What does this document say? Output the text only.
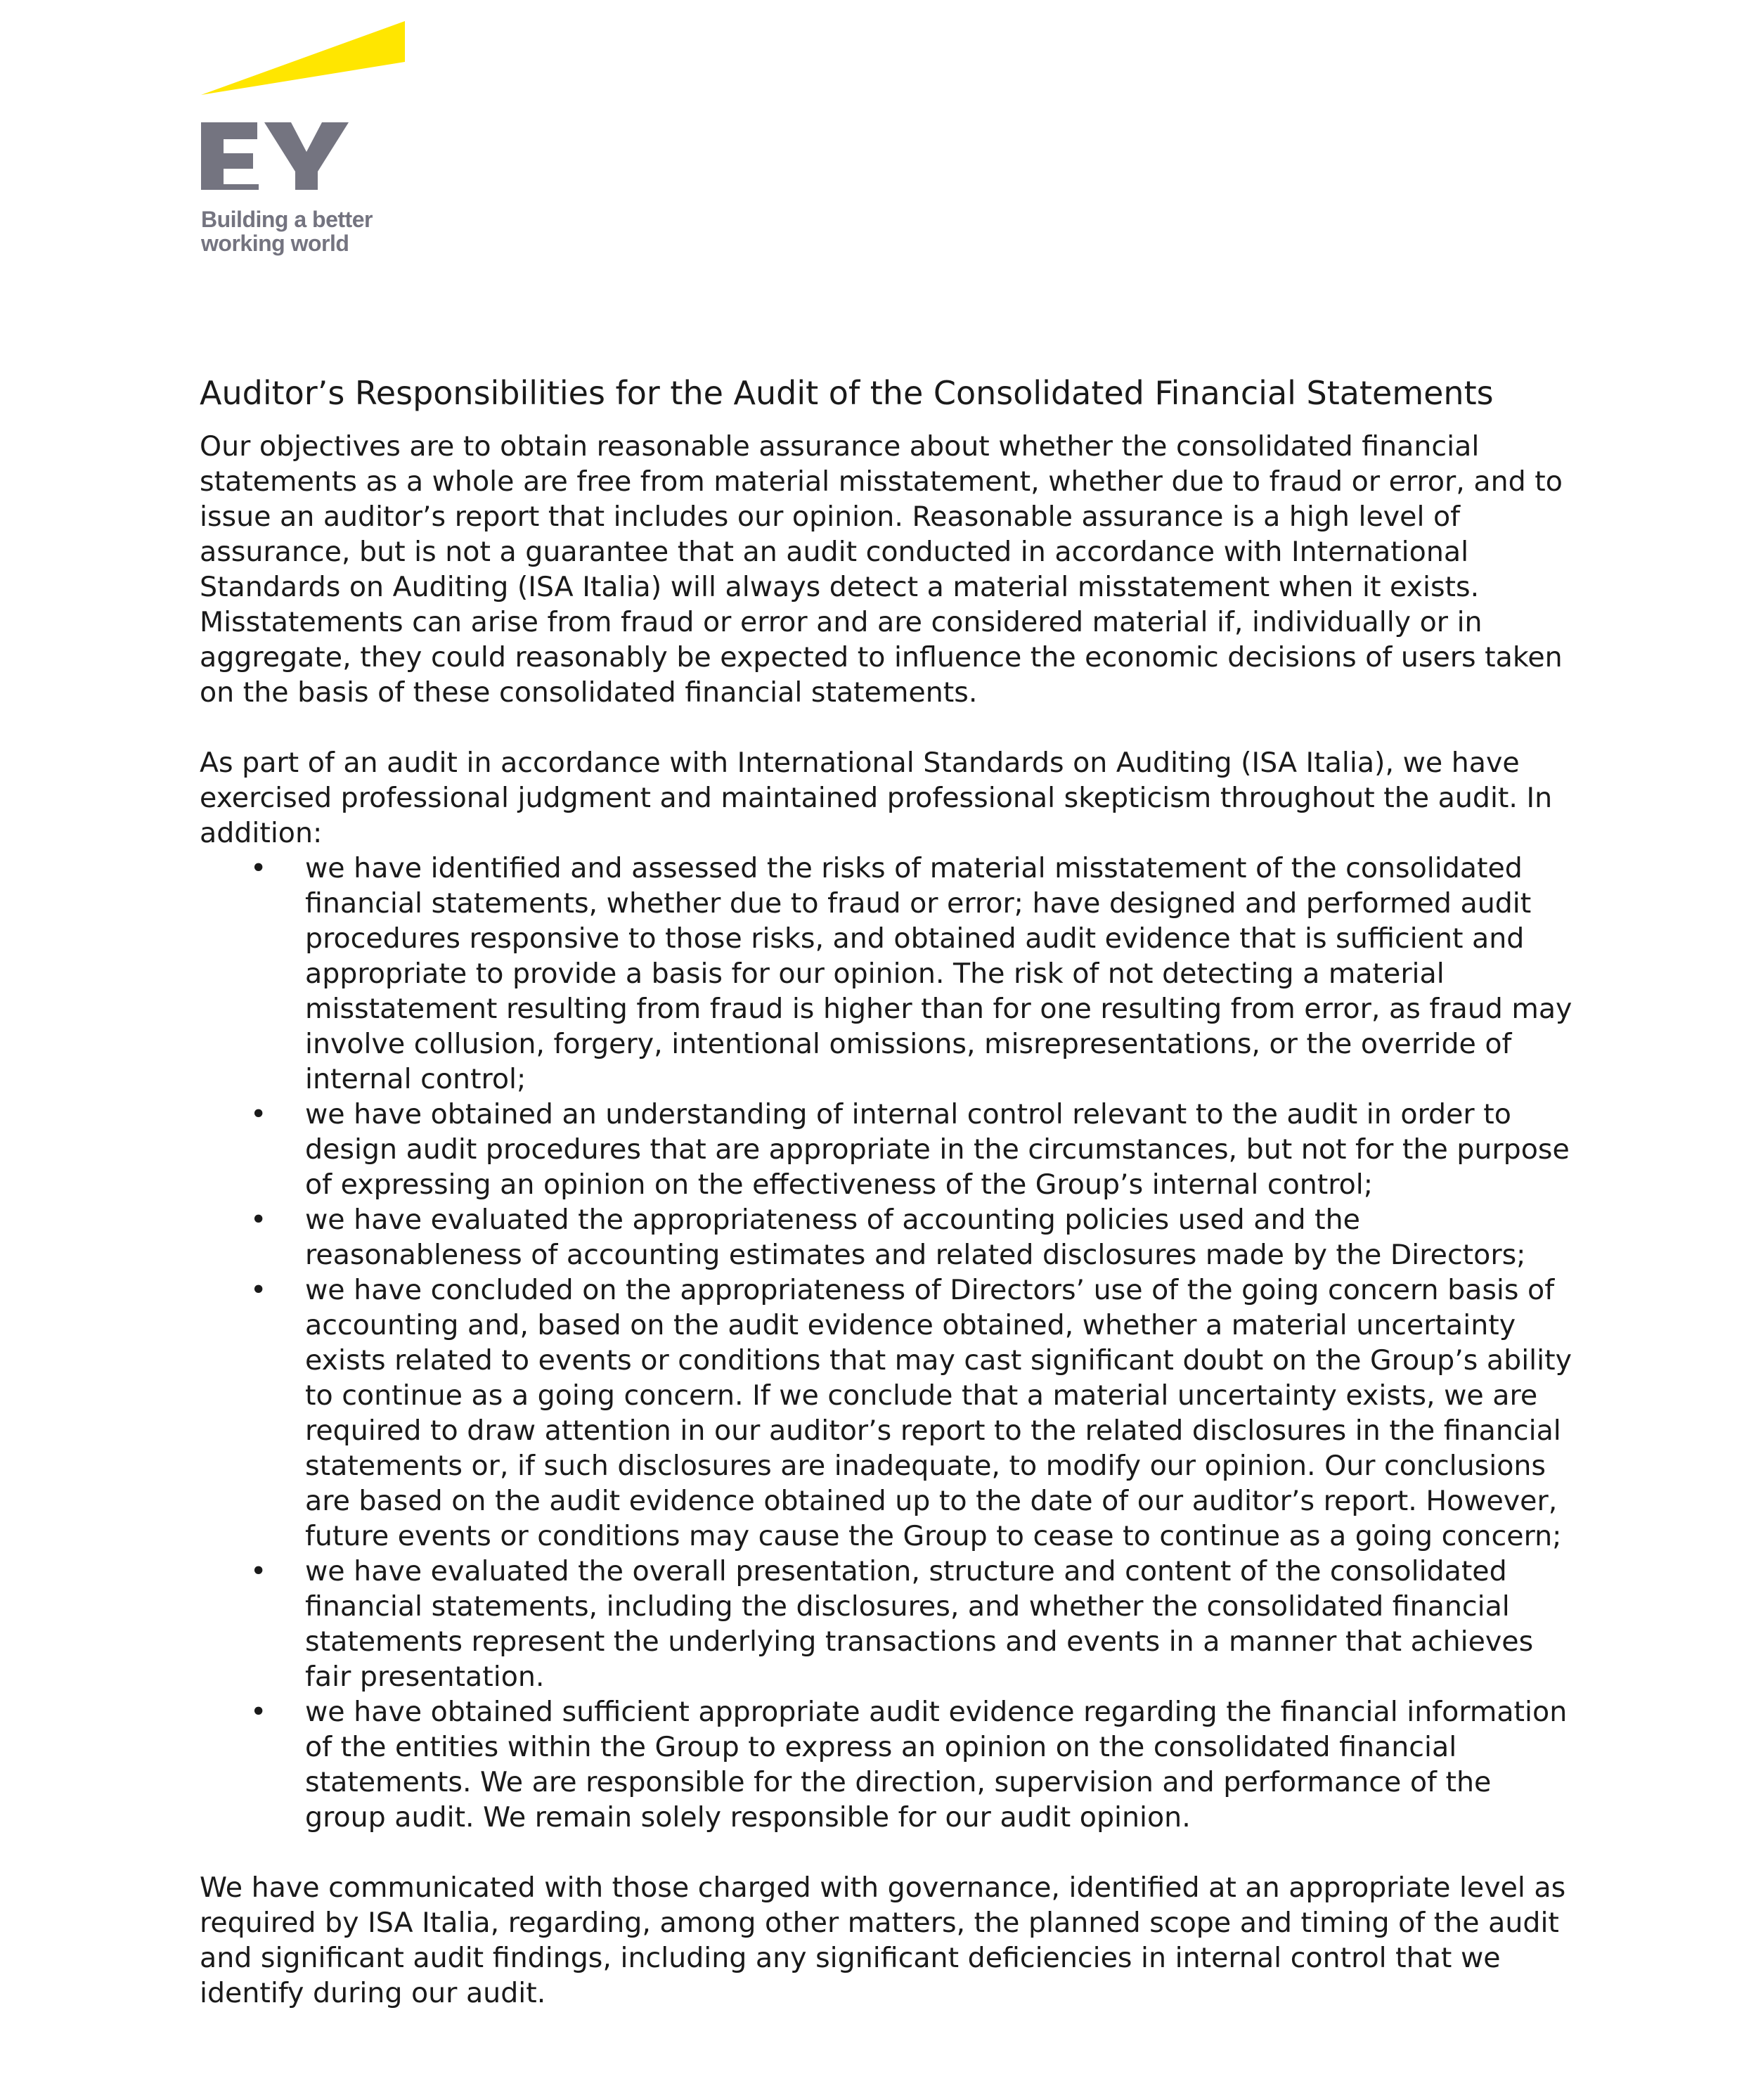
Building a better
working world
Auditor’s Responsibilities for the Audit of the Consolidated Financial Statements

Our objectives are to obtain reasonable assurance about whether the consolidated financial statements as a whole are free from material misstatement, whether due to fraud or error, and to issue an auditor’s report that includes our opinion. Reasonable assurance is a high level of assurance, but is not a guarantee that an audit conducted in accordance with International Standards on Auditing (ISA Italia) will always detect a material misstatement when it exists. Misstatements can arise from fraud or error and are considered material if, individually or in aggregate, they could reasonably be expected to influence the economic decisions of users taken on the basis of these consolidated financial statements.

As part of an audit in accordance with International Standards on Auditing (ISA Italia), we have exercised professional judgment and maintained professional skepticism throughout the audit. In addition:

• we have identified and assessed the risks of material misstatement of the consolidated financial statements, whether due to fraud or error; have designed and performed audit procedures responsive to those risks, and obtained audit evidence that is sufficient and appropriate to provide a basis for our opinion. The risk of not detecting a material misstatement resulting from fraud is higher than for one resulting from error, as fraud may involve collusion, forgery, intentional omissions, misrepresentations, or the override of internal control;
• we have obtained an understanding of internal control relevant to the audit in order to design audit procedures that are appropriate in the circumstances, but not for the purpose of expressing an opinion on the effectiveness of the Group’s internal control;
• we have evaluated the appropriateness of accounting policies used and the reasonableness of accounting estimates and related disclosures made by the Directors;
• we have concluded on the appropriateness of Directors’ use of the going concern basis of accounting and, based on the audit evidence obtained, whether a material uncertainty exists related to events or conditions that may cast significant doubt on the Group’s ability to continue as a going concern. If we conclude that a material uncertainty exists, we are required to draw attention in our auditor’s report to the related disclosures in the financial statements or, if such disclosures are inadequate, to modify our opinion. Our conclusions are based on the audit evidence obtained up to the date of our auditor’s report. However, future events or conditions may cause the Group to cease to continue as a going concern;
• we have evaluated the overall presentation, structure and content of the consolidated financial statements, including the disclosures, and whether the consolidated financial statements represent the underlying transactions and events in a manner that achieves fair presentation.
• we have obtained sufficient appropriate audit evidence regarding the financial information of the entities within the Group to express an opinion on the consolidated financial statements. We are responsible for the direction, supervision and performance of the group audit. We remain solely responsible for our audit opinion.

We have communicated with those charged with governance, identified at an appropriate level as required by ISA Italia, regarding, among other matters, the planned scope and timing of the audit and significant audit findings, including any significant deficiencies in internal control that we identify during our audit.
